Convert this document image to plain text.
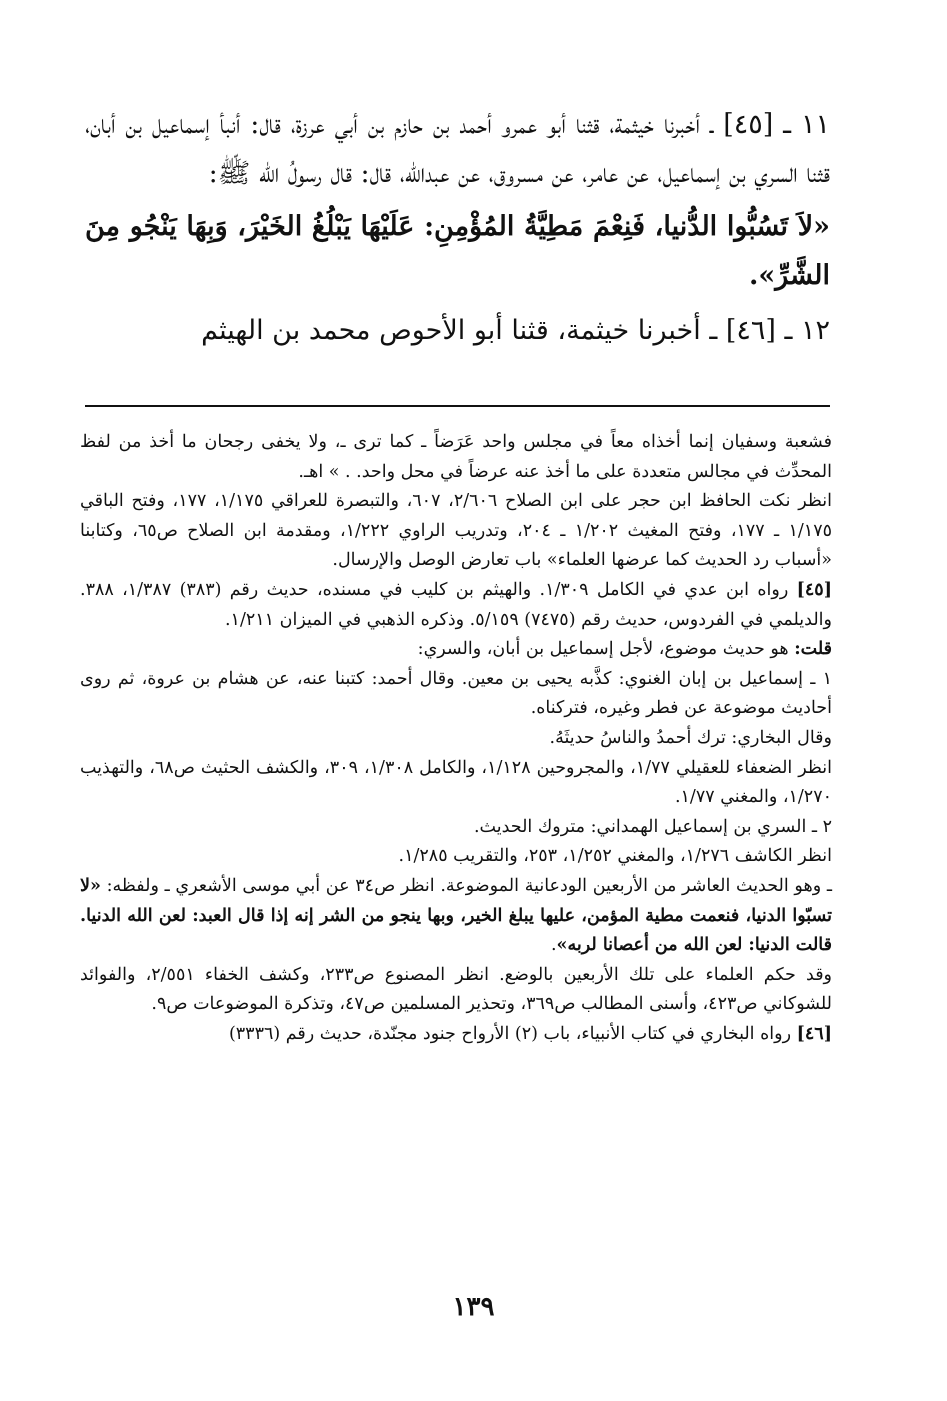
١١ ـ [٤٥] ـ أخبرنا خيثمة، قثنا أبو عمرو أحمد بن حازم بن أبي عرزة، قال: أنبأ إسماعيل بن أبان، قثنا السري بن إسماعيل، عن عامر، عن مسروق، عن عبدالله، قال: قال رسولُ الله ﷺ:

«لاَ تَسُبُّوا الدُّنيا، فَنِعْمَ مَطِيَّةُ المُؤْمِنِ: عَلَيْهَا يَبْلُغُ الخَيْرَ، وَبِهَا يَنْجُو مِنَ الشَّرِّ».

١٢ ـ [٤٦] ـ أخبرنا خيثمة، قثنا أبو الأحوص محمد بن الهيثم

فشعبة وسفيان إنما أخذاه معاً في مجلس واحد عَرَضاً ـ كما ترى ـ، ولا يخفى رجحان ما أخذ من لفظ المحدِّث في مجالس متعددة على ما أخذ عنه عرضاً في محل واحد. . » اهـ.

انظر نكت الحافظ ابن حجر على ابن الصلاح ٢/٦٠٦، ٦٠٧، والتبصرة للعراقي ١/١٧٥، ١٧٧، وفتح الباقي ١/١٧٥ ـ ١٧٧، وفتح المغيث ١/٢٠٢ ـ ٢٠٤، وتدريب الراوي ١/٢٢٢، ومقدمة ابن الصلاح ص٦٥، وكتابنا «أسباب رد الحديث كما عرضها العلماء» باب تعارض الوصل والإرسال.

[٤٥] رواه ابن عدي في الكامل ١/٣٠٩. والهيثم بن كليب في مسنده، حديث رقم (٣٨٣) ١/٣٨٧، ٣٨٨. والديلمي في الفردوس، حديث رقم (٧٤٧٥) ٥/١٥٩. وذكره الذهبي في الميزان ١/٢١١.

قلت: هو حديث موضوع، لأجل إسماعيل بن أبان، والسري:

١ ـ إسماعيل بن إبان الغنوي: كذَّبه يحيى بن معين. وقال أحمد: كتبنا عنه، عن هشام بن عروة، ثم روى أحاديث موضوعة عن فطر وغيره، فتركناه.

وقال البخاري: ترك أحمدُ والناسُ حديثَهُ.

انظر الضعفاء للعقيلي ١/٧٧، والمجروحين ١/١٢٨، والكامل ١/٣٠٨، ٣٠٩، والكشف الحثيث ص٦٨، والتهذيب ١/٢٧٠، والمغني ١/٧٧.

٢ ـ السري بن إسماعيل الهمداني: متروك الحديث.

انظر الكاشف ١/٢٧٦، والمغني ١/٢٥٢، ٢٥٣، والتقريب ١/٢٨٥.

ـ وهو الحديث العاشر من الأربعين الودعانية الموضوعة. انظر ص٣٤ عن أبي موسى الأشعري ـ ولفظه: «لا تسبّوا الدنيا، فنعمت مطية المؤمن، عليها يبلغ الخير، وبها ينجو من الشر إنه إذا قال العبد: لعن الله الدنيا. قالت الدنيا: لعن الله من أعصانا لربه».

وقد حكم العلماء على تلك الأربعين بالوضع. انظر المصنوع ص٢٣٣، وكشف الخفاء ٢/٥٥١، والفوائد للشوكاني ص٤٢٣، وأسنى المطالب ص٣٦٩، وتحذير المسلمين ص٤٧، وتذكرة الموضوعات ص٩.

[٤٦] رواه البخاري في كتاب الأنبياء، باب (٢) الأرواح جنود مجنّدة، حديث رقم (٣٣٣٦)

١٣٩
